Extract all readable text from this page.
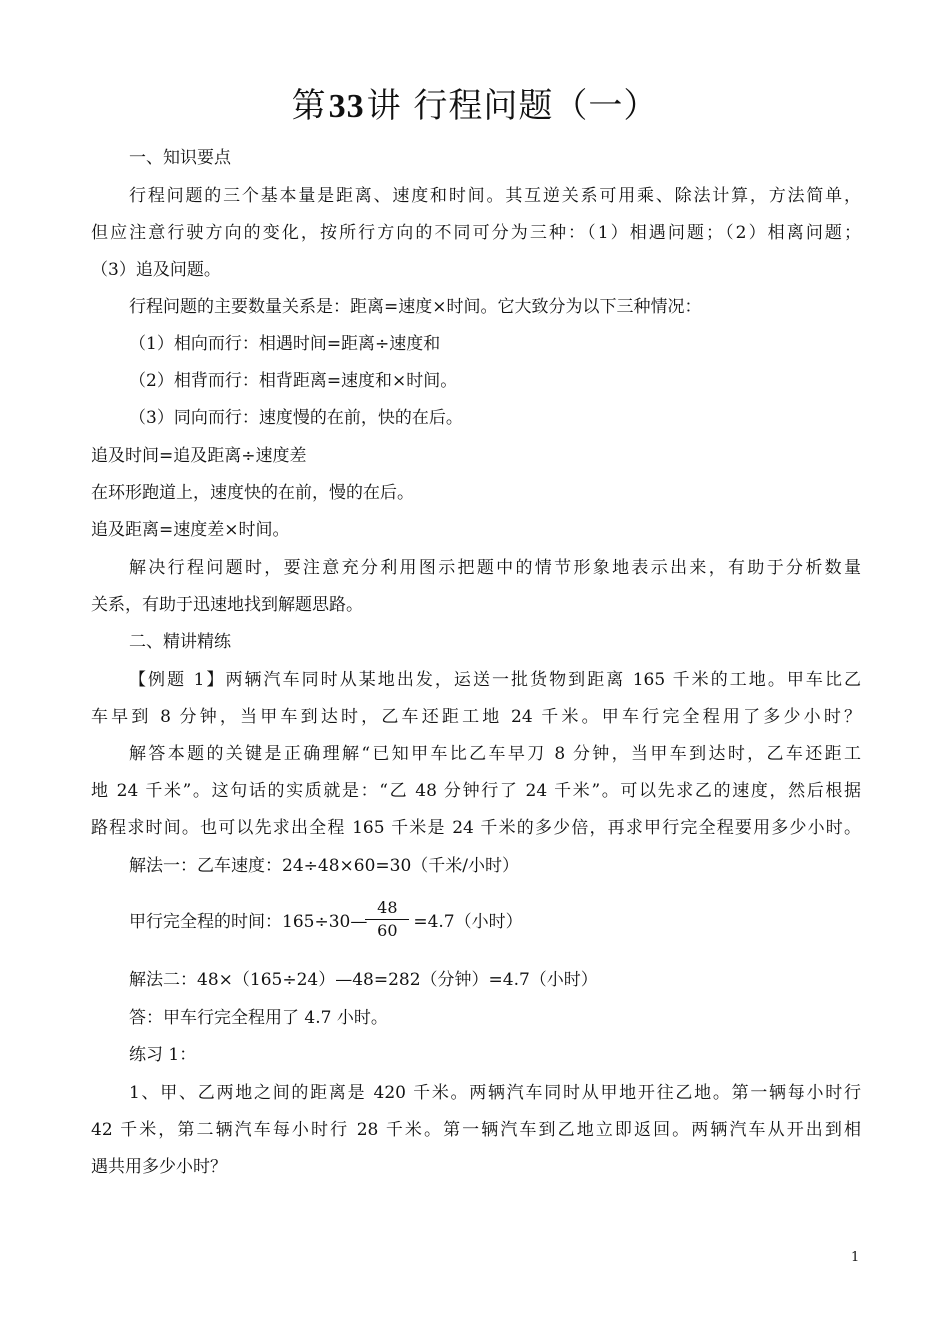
第33讲 行程问题（一）

一、知识要点

行程问题的三个基本量是距离、速度和时间。其互逆关系可用乘、除法计算，方法简单，

但应注意行驶方向的变化，按所行方向的不同可分为三种：（1）相遇问题；（2）相离问题；

（3）追及问题。

行程问题的主要数量关系是：距离=速度×时间。它大致分为以下三种情况：

（1）相向而行：相遇时间=距离÷速度和

（2）相背而行：相背距离=速度和×时间。

（3）同向而行：速度慢的在前，快的在后。

追及时间=追及距离÷速度差

在环形跑道上，速度快的在前，慢的在后。

追及距离=速度差×时间。

解决行程问题时，要注意充分利用图示把题中的情节形象地表示出来，有助于分析数量

关系，有助于迅速地找到解题思路。

二、精讲精练

【例题 1】两辆汽车同时从某地出发，运送一批货物到距离 165 千米的工地。甲车比乙

车早到 8 分钟，当甲车到达时，乙车还距工地 24 千米。甲车行完全程用了多少小时？

解答本题的关键是正确理解“已知甲车比乙车早刀 8 分钟，当甲车到达时，乙车还距工

地 24 千米”。这句话的实质就是：“乙 48 分钟行了 24 千米”。可以先求乙的速度，然后根据

路程求时间。也可以先求出全程 165 千米是 24 千米的多少倍，再求甲行完全程要用多少小时。

解法一：乙车速度：24÷48×60=30（千米/小时）

甲行完全程的时间：165÷30—
$\frac{48}{60} =4.7$（小时）

解法二：48×（165÷24）—48=282（分钟）=4.7（小时）

答：甲车行完全程用了 4.7 小时。

练习 1：

1、甲、乙两地之间的距离是 420 千米。两辆汽车同时从甲地开往乙地。第一辆每小时行

42 千米，第二辆汽车每小时行 28 千米。第一辆汽车到乙地立即返回。两辆汽车从开出到相

遇共用多少小时？

1
